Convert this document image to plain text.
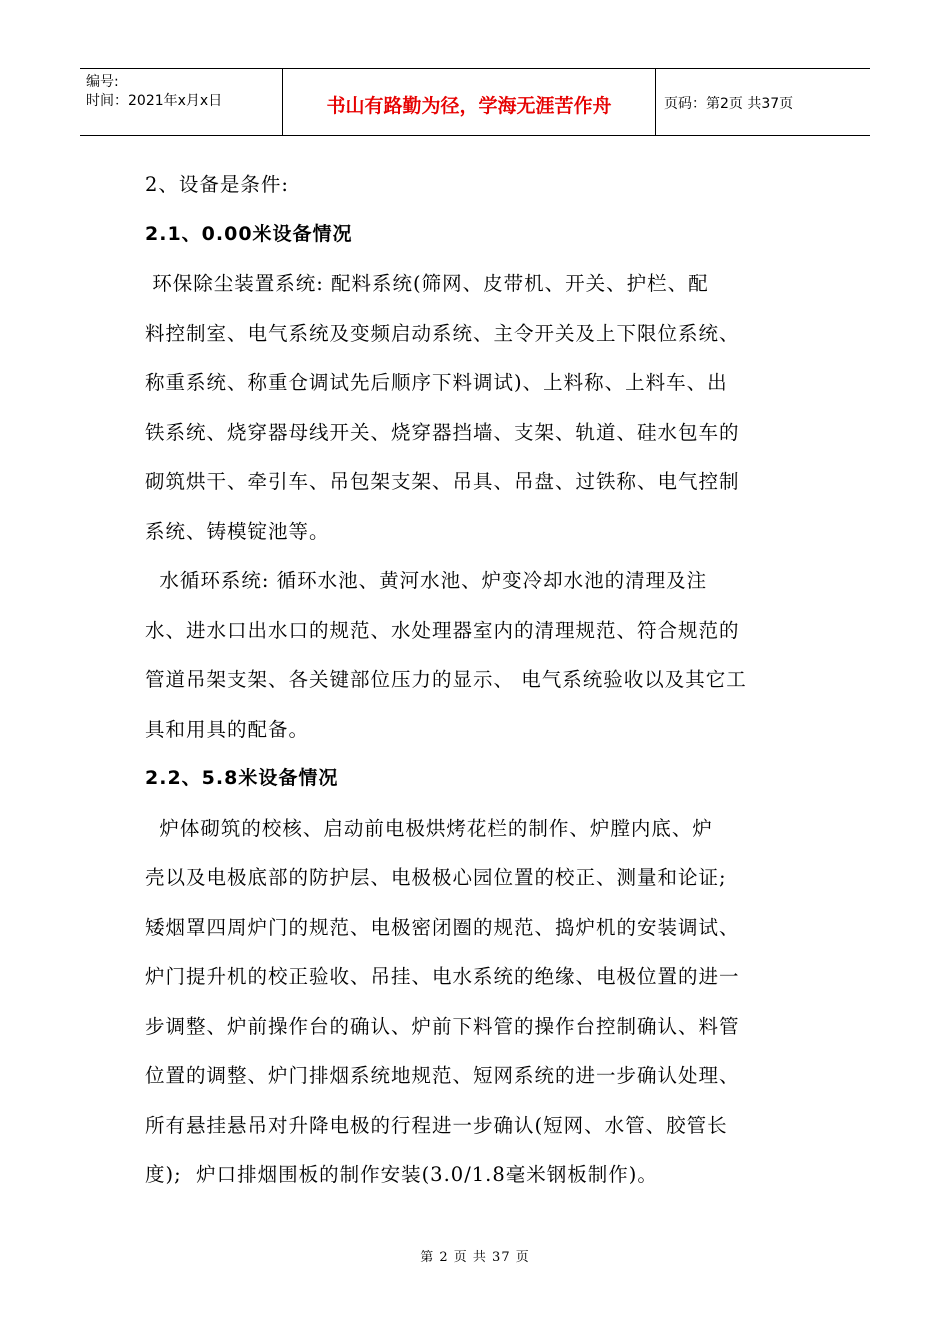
编号:
时间：2021年x月x日	书山有路勤为径，学海无涯苦作舟	页码：第2页 共37页

2、设备是条件:

2.1、0.00米设备情况

环保除尘装置系统: 配料系统(筛网、皮带机、开关、护栏、配

料控制室、电气系统及变频启动系统、主令开关及上下限位系统、

称重系统、称重仓调试先后顺序下料调试)、上料称、上料车、出

铁系统、烧穿器母线开关、烧穿器挡墙、支架、轨道、硅水包车的

砌筑烘干、牵引车、吊包架支架、吊具、吊盘、过铁称、电气控制

系统、铸模锭池等。

水循环系统: 循环水池、黄河水池、炉变冷却水池的清理及注

水、进水口出水口的规范、水处理器室内的清理规范、符合规范的

管道吊架支架、各关键部位压力的显示、 电气系统验收以及其它工

具和用具的配备。

2.2、5.8米设备情况

炉体砌筑的校核、启动前电极烘烤花栏的制作、炉膛内底、炉

壳以及电极底部的防护层、电极极心园位置的校正、测量和论证;

矮烟罩四周炉门的规范、电极密闭圈的规范、捣炉机的安装调试、

炉门提升机的校正验收、吊挂、电水系统的绝缘、电极位置的进一

步调整、炉前操作台的确认、炉前下料管的操作台控制确认、料管

位置的调整、炉门排烟系统地规范、短网系统的进一步确认处理、

所有悬挂悬吊对升降电极的行程进一步确认(短网、水管、胶管长

度);  炉口排烟围板的制作安装(3.0/1.8毫米钢板制作)。

第 2 页 共 37 页
